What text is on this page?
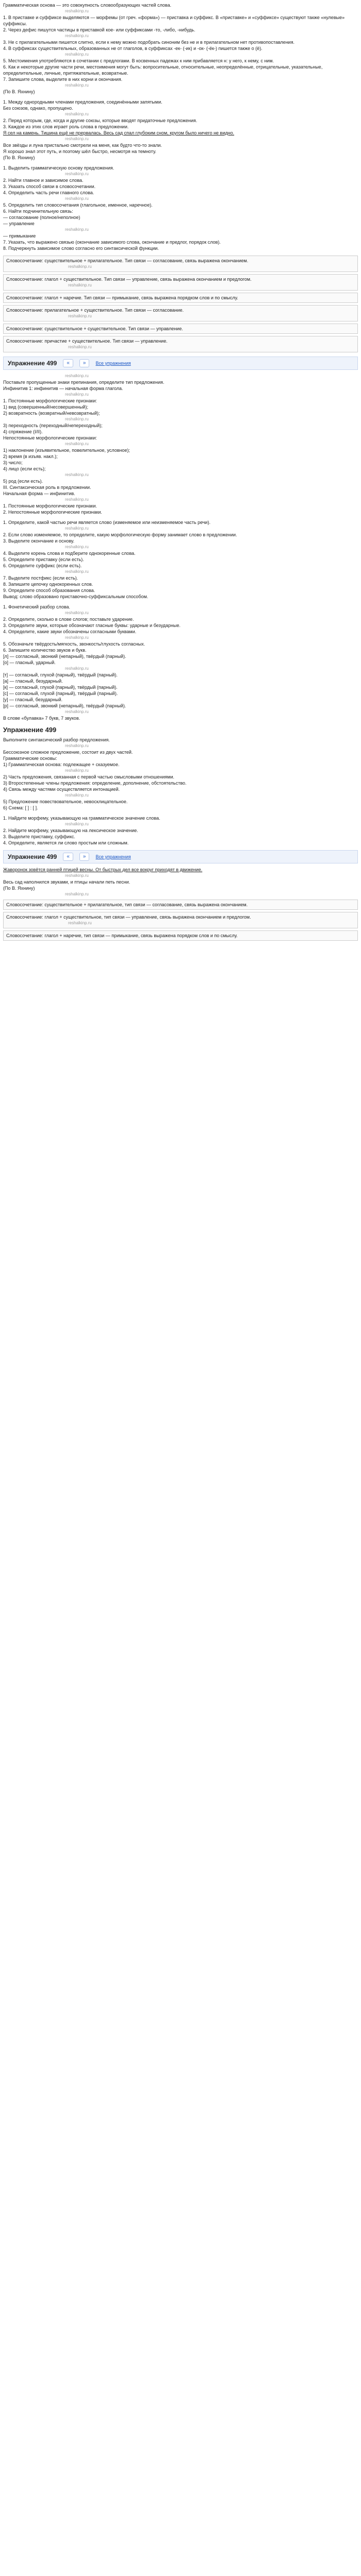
Грамматическая основа — это совокупность словообразующих частей слова.

reshalkinp.ru

1. В приставке и суффиксе выделяются — морфемы (от греч. «форма») — приставка и суффикс. В «приставке» и «суффиксе» существуют также «нулевые» суффиксы.

2. Через дефис пишутся частицы в приставкой кое- или суффиксами -то, -либо, -нибудь.

reshalkinp.ru

3. Не с прилагательными пишется слитно, если к нему можно подобрать синоним без не и в прилагательном нет противопоставления.

4. В суффиксах существительных, образованных не от глаголов, в суффиксах -ек- (-ик) и -ок- (-ёк-) пишется также о (ё).

reshalkinp.ru

5. Местоимения употребляются в сочетании с предлогами. В косвенных падежах к ним прибавляется н: у него, к нему, с ним.

6. Как и некоторые другие части речи, местоимения могут быть: вопросительные, относительные, неопределённые, отрицательные, указательные, определительные, личные, притяжательные, возвратные.

7. Запишите слова, выделите в них корни и окончания.

reshalkinp.ru

(По В. Яхнину)

1. Между однородными членами предложения, соединёнными запятыми.

Без союзов, однако, пропущено.

reshalkinp.ru

2. Перед которым, где, когда и другие союзы, которые вводят придаточные предложения.

3. Каждое из этих слов играет роль слова в предложении.

Я сел на камень. Тишина ещё не прервалась. Весь сад спал глубоким сном, кругом было ничего не видно.

reshalkinp.ru

Все звёзды и луна пристально смотрели на меня, как будто что-то знали.

Я хорошо знал этот путь, и поэтому шёл быстро, несмотря на темноту.

(По В. Яхнину)

1. Выделить грамматическую основу предложения.

reshalkinp.ru

2. Найти главное и зависимое слова.

3. Указать способ связи в словосочетании.

4. Определить часть речи главного слова.

reshalkinp.ru

5. Определить тип словосочетания (глагольное, именное, наречное).

6. Найти подчинительную связь:

— согласование (полное/неполное)

— управление

reshalkinp.ru

— примыкание

7. Указать, что выражено связью (окончание зависимого слова, окончание и предлог, порядок слов).

8. Подчеркнуть зависимое слово согласно его синтаксической функции.

Словосочетание: существительное + прилагательное. Тип связи — согласование, связь выражена окончанием.

reshalkinp.ru

Словосочетание: глагол + существительное. Тип связи — управление, связь выражена окончанием и предлогом.

reshalkinp.ru

Словосочетание: глагол + наречие. Тип связи — примыкание, связь выражена порядком слов и по смыслу.

Словосочетание: прилагательное + существительное. Тип связи — согласование.

reshalkinp.ru

Словосочетание: существительное + существительное. Тип связи — управление.

Словосочетание: причастие + существительное. Тип связи — управление.

reshalkinp.ru

Упражнение 499	«	»	Все упражнения

reshalkinp.ru

Поставьте пропущенные знаки препинания, определите тип предложения.

Инфинитив 1: инфинитив — начальная форма глагола.

reshalkinp.ru

1. Постоянные морфологические признаки:

1) вид (совершенный/несовершенный);

2) возвратность (возвратный/невозвратный);

reshalkinp.ru

3) переходность (переходный/непереходный);

4) спряжение (I/II).

Непостоянные морфологические признаки:

reshalkinp.ru

1) наклонение (изъявительное, повелительное, условное);

2) время (в изъяв. накл.);

3) число;

4) лицо (если есть);

reshalkinp.ru

5) род (если есть).

III. Синтаксическая роль в предложении.

Начальная форма — инфинитив.

reshalkinp.ru

1. Постоянные морфологические признаки.

2. Непостоянные морфологические признаки.

1. Определите, какой частью речи является слово (изменяемое или неизменяемое часть речи).

reshalkinp.ru

2. Если слово изменяемое, то определите, какую морфологическую форму занимает слово в предложении.

3. Выделите окончание и основу.

reshalkinp.ru

4. Выделите корень слова и подберите однокоренные слова.

5. Определите приставку (если есть).

6. Определите суффикс (если есть).

reshalkinp.ru

7. Выделите постфикс (если есть).

8. Запишите цепочку однокоренных слов.

9. Определите способ образования слова.

Вывод: слово образовано приставочно-суффиксальным способом.

1. Фонетический разбор слова.

reshalkinp.ru

2. Определите, сколько в слове слогов; поставьте ударение.

3. Определите звуки, которые обозначают гласные буквы: ударные и безударные.

4. Определите, какие звуки обозначены согласными буквами.

reshalkinp.ru

5. Обозначьте твёрдость/мягкость, звонкость/глухость согласных.

6. Запишите количество звуков и букв.

[л] — согласный, звонкий (непарный), твёрдый (парный).

[о] — гласный, ударный.

reshalkinp.ru

[т] — согласный, глухой (парный), твёрдый (парный).

[а] — гласный, безударный.

[к] — согласный, глухой (парный), твёрдый (парный).

[с] — согласный, глухой (парный), твёрдый (парный).

[у] — гласный, безударный.

[р] — согласный, звонкий (непарный), твёрдый (парный).

reshalkinp.ru

В слове «булавка» 7 букв, 7 звуков.

Упражнение 499

Выполните синтаксический разбор предложения.

reshalkinp.ru

Бессоюзное сложное предложение, состоит из двух частей.

Грамматические основы:

1) Грамматическая основа: подлежащее + сказуемое.

reshalkinp.ru

2) Часть предложения, связанная с первой частью смысловыми отношениями.

3) Второстепенные члены предложения: определение, дополнение, обстоятельство.

4) Связь между частями осуществляется интонацией.

reshalkinp.ru

5) Предложение повествовательное, невосклицательное.

6) Схема: [ ] : [ ].

1. Найдите морфему, указывающую на грамматическое значение слова.

reshalkinp.ru

2. Найдите морфему, указывающую на лексическое значение.

3. Выделите приставку, суффикс.

4. Определите, является ли слово простым или сложным.

Упражнение 499	«	»	Все упражнения

Жаворонок зовётся ранней птицей весны. От быстрых дел все вокруг приходят в движение.

reshalkinp.ru

Весь сад наполнился звуками, и птицы начали петь песни.

(По В. Яхнину)

reshalkinp.ru

Словосочетание: существительное + прилагательное, тип связи — согласование, связь выражена окончанием.

Словосочетание: глагол + существительное, тип связи — управление, связь выражена окончанием и предлогом.

reshalkinp.ru

Словосочетание: глагол + наречие, тип связи — примыкание, связь выражена порядком слов и по смыслу.
